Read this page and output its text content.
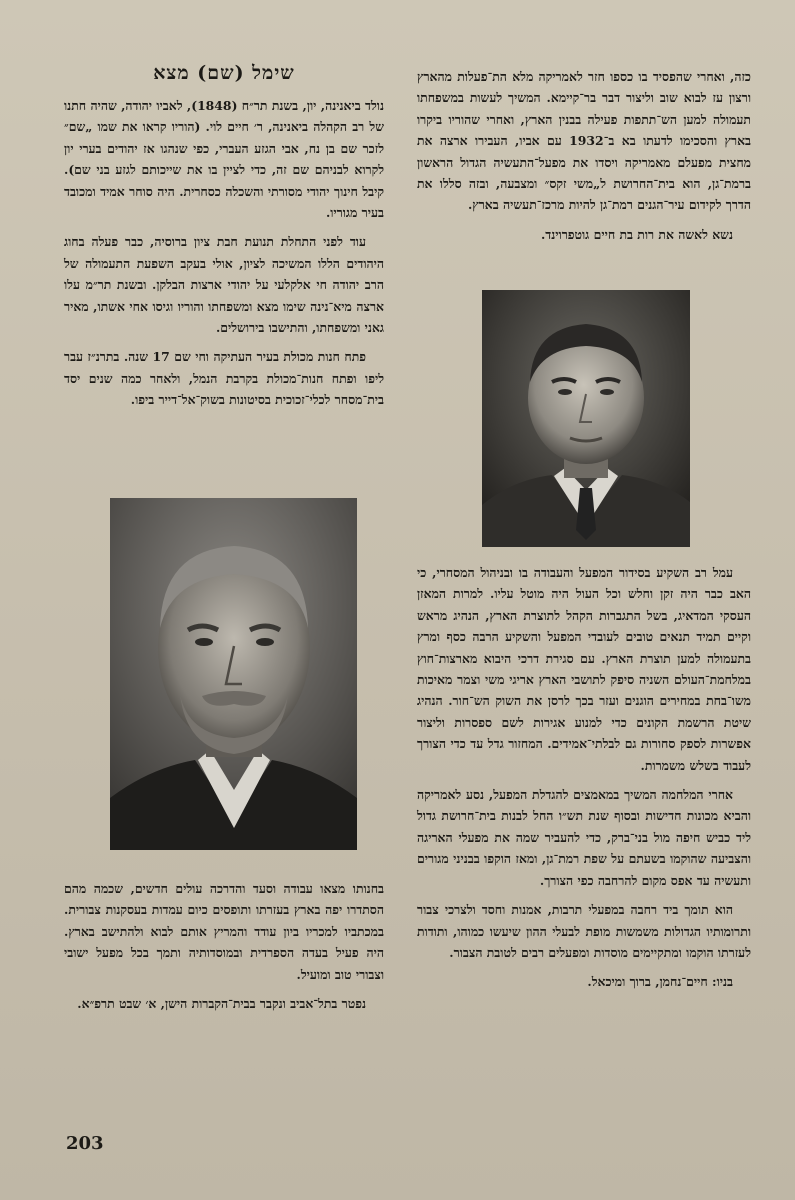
כזה, ואחרי שהפסיד בו כספו חזר לאמריקה מלא הת־פעלות מהארץ ורצון עז לבוא שוב וליצור דבר בר־קיימא. המשיך לעשות במשפחתו תעמולה למען הש־תתפות פעילה בבנין הארץ, ואחרי שהוריו ביקרו בארץ והסכימו לדעתו בא ב־1932 עם אביו, העבירו ארצה את מחצית מפעלם מאמריקה ויסדו את מפעל־התעשיה הגדול הראשון ברמת־גן, הוא בית־החרושת ל„משי זקס״ ומצבעה, ובזה סללו את הדרך לקידום עיר־הגנים רמת־גן להיות מרכז־תעשיה בארץ.

נשא לאשה את רות בת חיים גוטפרוינד.

עמל רב השקיע בסידור המפעל והעבודה בו ובניהול המסחרי, כי האב כבר היה זקן וחלש וכל העול היה מוטל עליו. למרות המאזן העסקי המדאיג, בשל התגברות הקהל לתוצרת הארץ, הנהיג מראש וקיים תמיד תנאים טובים לעובדי המפעל והשקיע הרבה כסף ומרץ בתעמולה למען תוצרת הארץ. עם סגירת דרכי היבוא מארצות־חוץ במלחמת־העולם השניה סיפק לתושבי הארץ אריגי משי וצמר מאיכות משו־בחת במחירים הוגנים ועזר בכך לרסן את השוק הש־חור. הנהיג שיטת הרשמת הקונים כדי למנוע אגירות לשם ספסרות וליצור אפשרות לספק סחורות גם לבלתי־אמידים. המחזור גדל עד כדי הצורך לעבוד בשלש משמרות.

אחרי המלחמה המשיך במאמצים להגדלת המפעל, נסע לאמריקה והביא מכונות חדישות ובסוף שנת תש״ו החל לבנות בית־חרושת גדול ליד כביש חיפה מול בני־ברק, כדי להעביר שמה את מפעלי האריגה והצביעה שהוקמו בשעתם על שפת רמת־גן, ומאז הוקפו בבניני מגורים ותעשיה עד אפס מקום להרחבה כפי הצורך.

הוא תומך ביד רחבה במפעלי תרבות, אמנות וחסד ולצרכי צבור ותרומותיו הגדולות משמשות מופת לבעלי ההון שיעשו כמוהו, ותודות לעזרתו הוקמו ומתקיימים מוסדות ומפעלים רבים לטובת הצבור.

בניו: חיים־נחמן, ברוך ומיכאל.

שימל (שם) מצא

נולד ביאנינה, יון, בשנת תר״ח (1848), לאביו יהודה, שהיה חתנו של רב הקהלה ביאנינה, ר׳ חיים לוי. (הוריו קראו את שמו „שם״ לזכר שם בן נח, אבי הגזע העברי, כפי שנהגו אז יהודים בערי יון לקרוא לבניהם שם זה, כדי לציין בו את שייכותם לגזע בני שם). קיבל חינוך יהודי מסורתי והשכלה כסחרית. היה סוחר אמיד ומכובד בעיר מגוריו.

עוד לפני התחלת תנועת חבת ציון ברוסיה, כבר פעלה בחוג היהודים הללו המשיכה לציון, אולי בעקב השפעת התעמולה של הרב יהודה חי אלקלעי על יהודי ארצות הבלקן. ובשנת תר״מ עלו ארצה מיא־נינה שימו מצא ומשפחתו והוריו וגיסו אחי אשתו, מאיר גאני ומשפחתו, והתישבו בירושלים.

פתח חנות מכולת בעיר העתיקה וחי שם 17 שנה. בתרנ״ז עבר ליפו ופתח חנות־מכולת בקרבת הנמל, ולאחר כמה שנים יסד בית־מסחר לכלי־זכוכית בסיטונות בשוק־אל־דייר ביפו.

בחנותו מצאו עבודה וסעד והדרכה עולים חדשים, שכמה מהם הסתדרו יפה בארץ בעזרתו ותופסים כיום עמדות בעסקנות צבורית. במכתביו למכריו ביון עודד והמריץ אותם לבוא ולהתישב בארץ. היה פעיל בעדה הספרדית ובמוסדותיה ותמך בכל מפעל ישובי וצבורי טוב ומועיל.

נפטר בתל־אביב ונקבר בבית־הקברות הישן, א׳ שבט תרפ״א.

203
